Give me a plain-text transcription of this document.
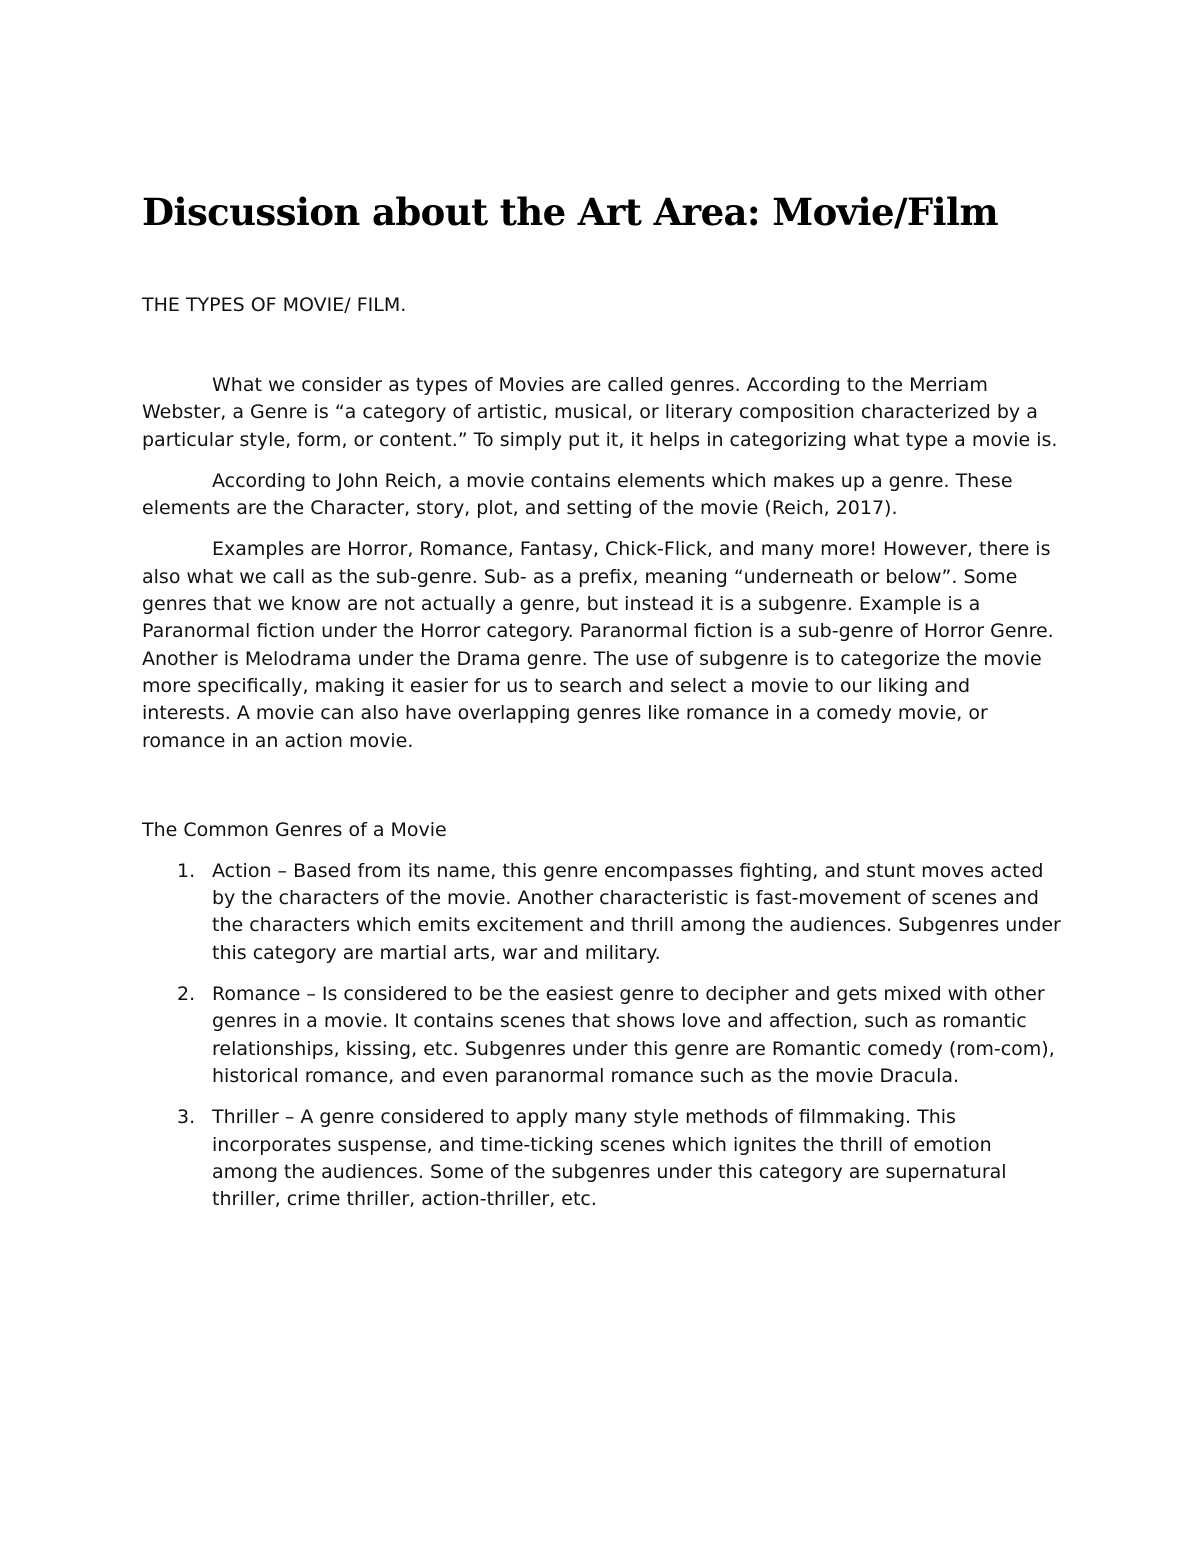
Discussion about the Art Area: Movie/Film
THE TYPES OF MOVIE/ FILM.

What we consider as types of Movies are called genres. According to the Merriam Webster, a Genre is “a category of artistic, musical, or literary composition characterized by a particular style, form, or content.” To simply put it, it helps in categorizing what type a movie is.

According to John Reich, a movie contains elements which makes up a genre. These elements are the Character, story, plot, and setting of the movie (Reich, 2017).

Examples are Horror, Romance, Fantasy, Chick-Flick, and many more! However, there is also what we call as the sub-genre. Sub- as a prefix, meaning “underneath or below”. Some genres that we know are not actually a genre, but instead it is a subgenre. Example is a Paranormal fiction under the Horror category. Paranormal fiction is a sub-genre of Horror Genre. Another is Melodrama under the Drama genre. The use of subgenre is to categorize the movie more specifically, making it easier for us to search and select a movie to our liking and interests. A movie can also have overlapping genres like romance in a comedy movie, or romance in an action movie.

The Common Genres of a Movie
1. Action – Based from its name, this genre encompasses fighting, and stunt moves acted by the characters of the movie. Another characteristic is fast-movement of scenes and the characters which emits excitement and thrill among the audiences. Subgenres under this category are martial arts, war and military.
2. Romance – Is considered to be the easiest genre to decipher and gets mixed with other genres in a movie. It contains scenes that shows love and affection, such as romantic relationships, kissing, etc. Subgenres under this genre are Romantic comedy (rom-com), historical romance, and even paranormal romance such as the movie Dracula.
3. Thriller – A genre considered to apply many style methods of filmmaking. This incorporates suspense, and time-ticking scenes which ignites the thrill of emotion among the audiences. Some of the subgenres under this category are supernatural thriller, crime thriller, action-thriller, etc.
